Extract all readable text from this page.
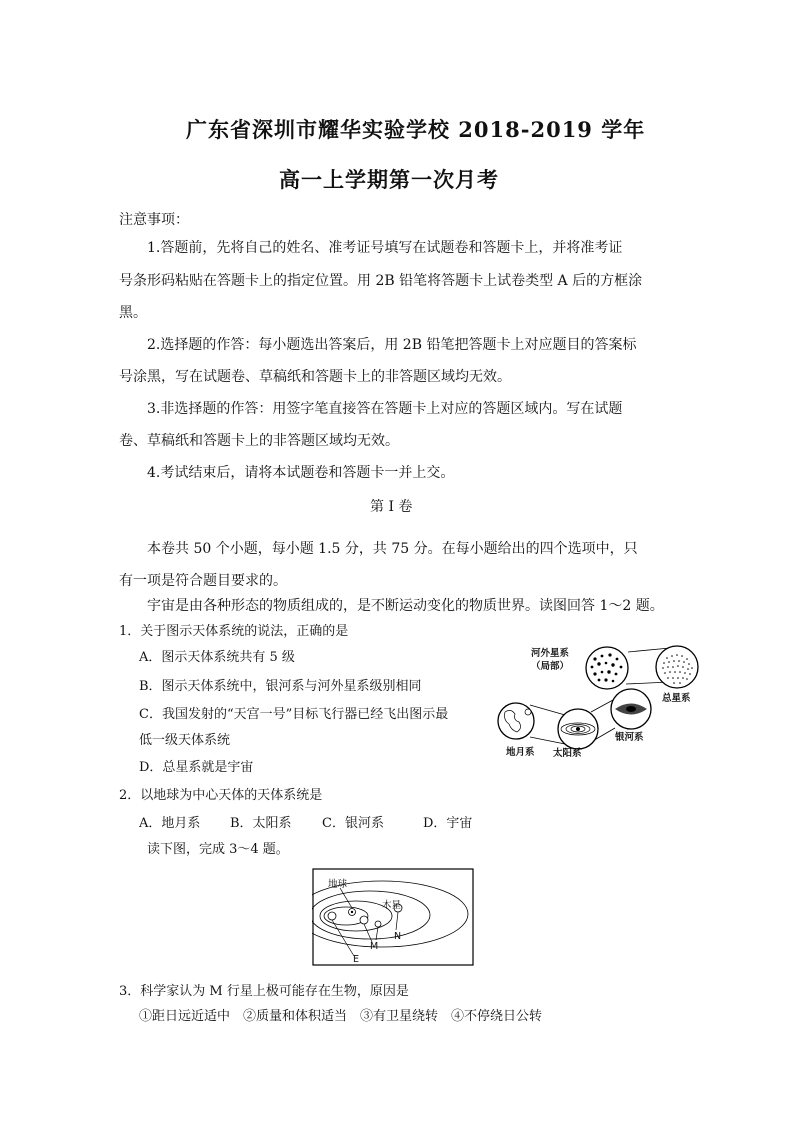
广东省深圳市耀华实验学校 2018-2019 学年
高一上学期第一次月考
注意事项：
1.答题前，先将自己的姓名、准考证号填写在试题卷和答题卡上，并将准考证
号条形码粘贴在答题卡上的指定位置。用 2B 铅笔将答题卡上试卷类型 A 后的方框涂
黑。
2.选择题的作答：每小题选出答案后，用 2B 铅笔把答题卡上对应题目的答案标
号涂黑，写在试题卷、草稿纸和答题卡上的非答题区域均无效。
3.非选择题的作答：用签字笔直接答在答题卡上对应的答题区域内。写在试题
卷、草稿纸和答题卡上的非答题区域均无效。
4.考试结束后，请将本试题卷和答题卡一并上交。
第 I 卷
本卷共 50 个小题，每小题 1.5 分，共 75 分。在每小题给出的四个选项中，只
有一项是符合题目要求的。
宇宙是由各种形态的物质组成的，是不断运动变化的物质世界。读图回答 1～2 题。
1．关于图示天体系统的说法，正确的是
A．图示天体系统共有 5 级
B．图示天体系统中，银河系与河外星系级别相同
C．我国发射的“天宫一号”目标飞行器已经飞出图示最
低一级天体系统
D．总星系就是宇宙
河外星系
（局部）
总星系
银河系
地月系 太阳系
2．以地球为中心天体的天体系统是
A．地月系 B．太阳系 C．银河系	D．宇宙
读下图，完成 3～4 题。
地球
木星
N
M
E
3．科学家认为 M 行星上极可能存在生物，原因是
①距日远近适中　②质量和体积适当　③有卫星绕转　④不停绕日公转
